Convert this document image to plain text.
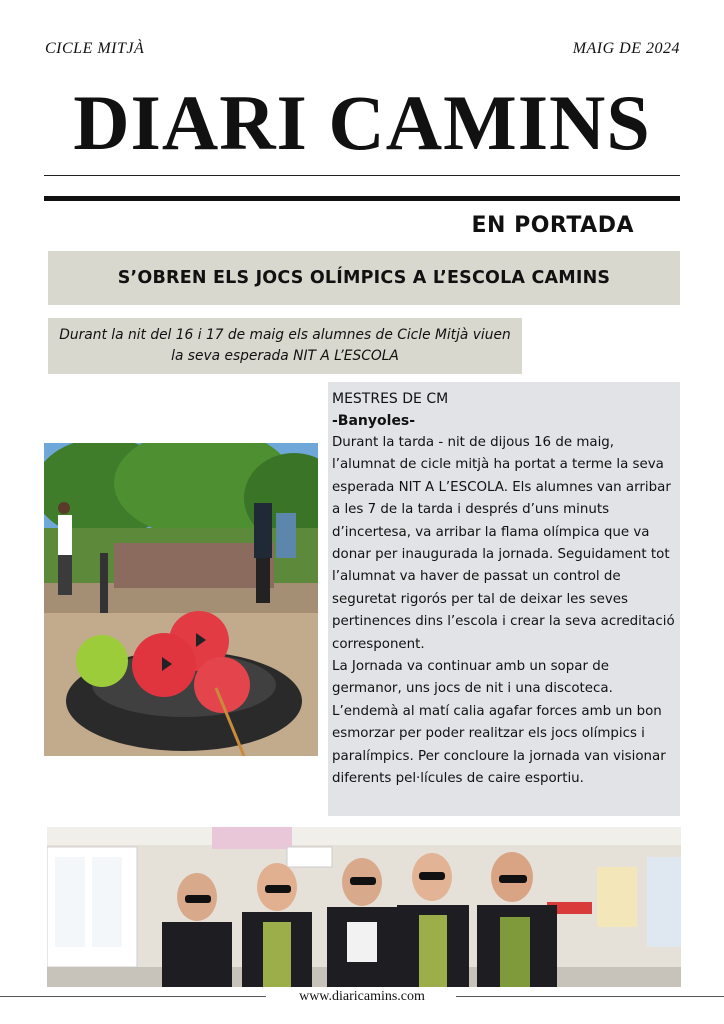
CICLE MITJÀ	MAIG DE 2024
DIARI CAMINS
EN PORTADA
S’OBREN ELS JOCS OLÍMPICS A L’ESCOLA CAMINS
Durant la nit del 16 i 17 de maig els alumnes de Cicle Mitjà viuen
la seva esperada NIT A L’ESCOLA
MESTRES DE CM
-Banyoles-

Durant la tarda - nit de dijous 16 de maig, l’alumnat de cicle mitjà ha portat a terme la seva esperada NIT A L’ESCOLA. Els alumnes van arribar a les 7 de la tarda i després d’uns minuts d’incertesa, va arribar la flama olímpica que va donar per inaugurada la jornada. Seguidament tot l’alumnat va haver de passat un control de seguretat rigorós per tal de deixar les seves pertinences dins l’escola i crear la seva acreditació corresponent.

La Jornada va continuar amb un sopar de germanor, uns jocs de nit i una discoteca.

L’endemà al matí calia agafar forces amb un bon esmorzar per poder realitzar els jocs olímpics i paralímpics. Per concloure la jornada van visionar diferents pel·lícules de caire esportiu.

www.diaricamins.com
